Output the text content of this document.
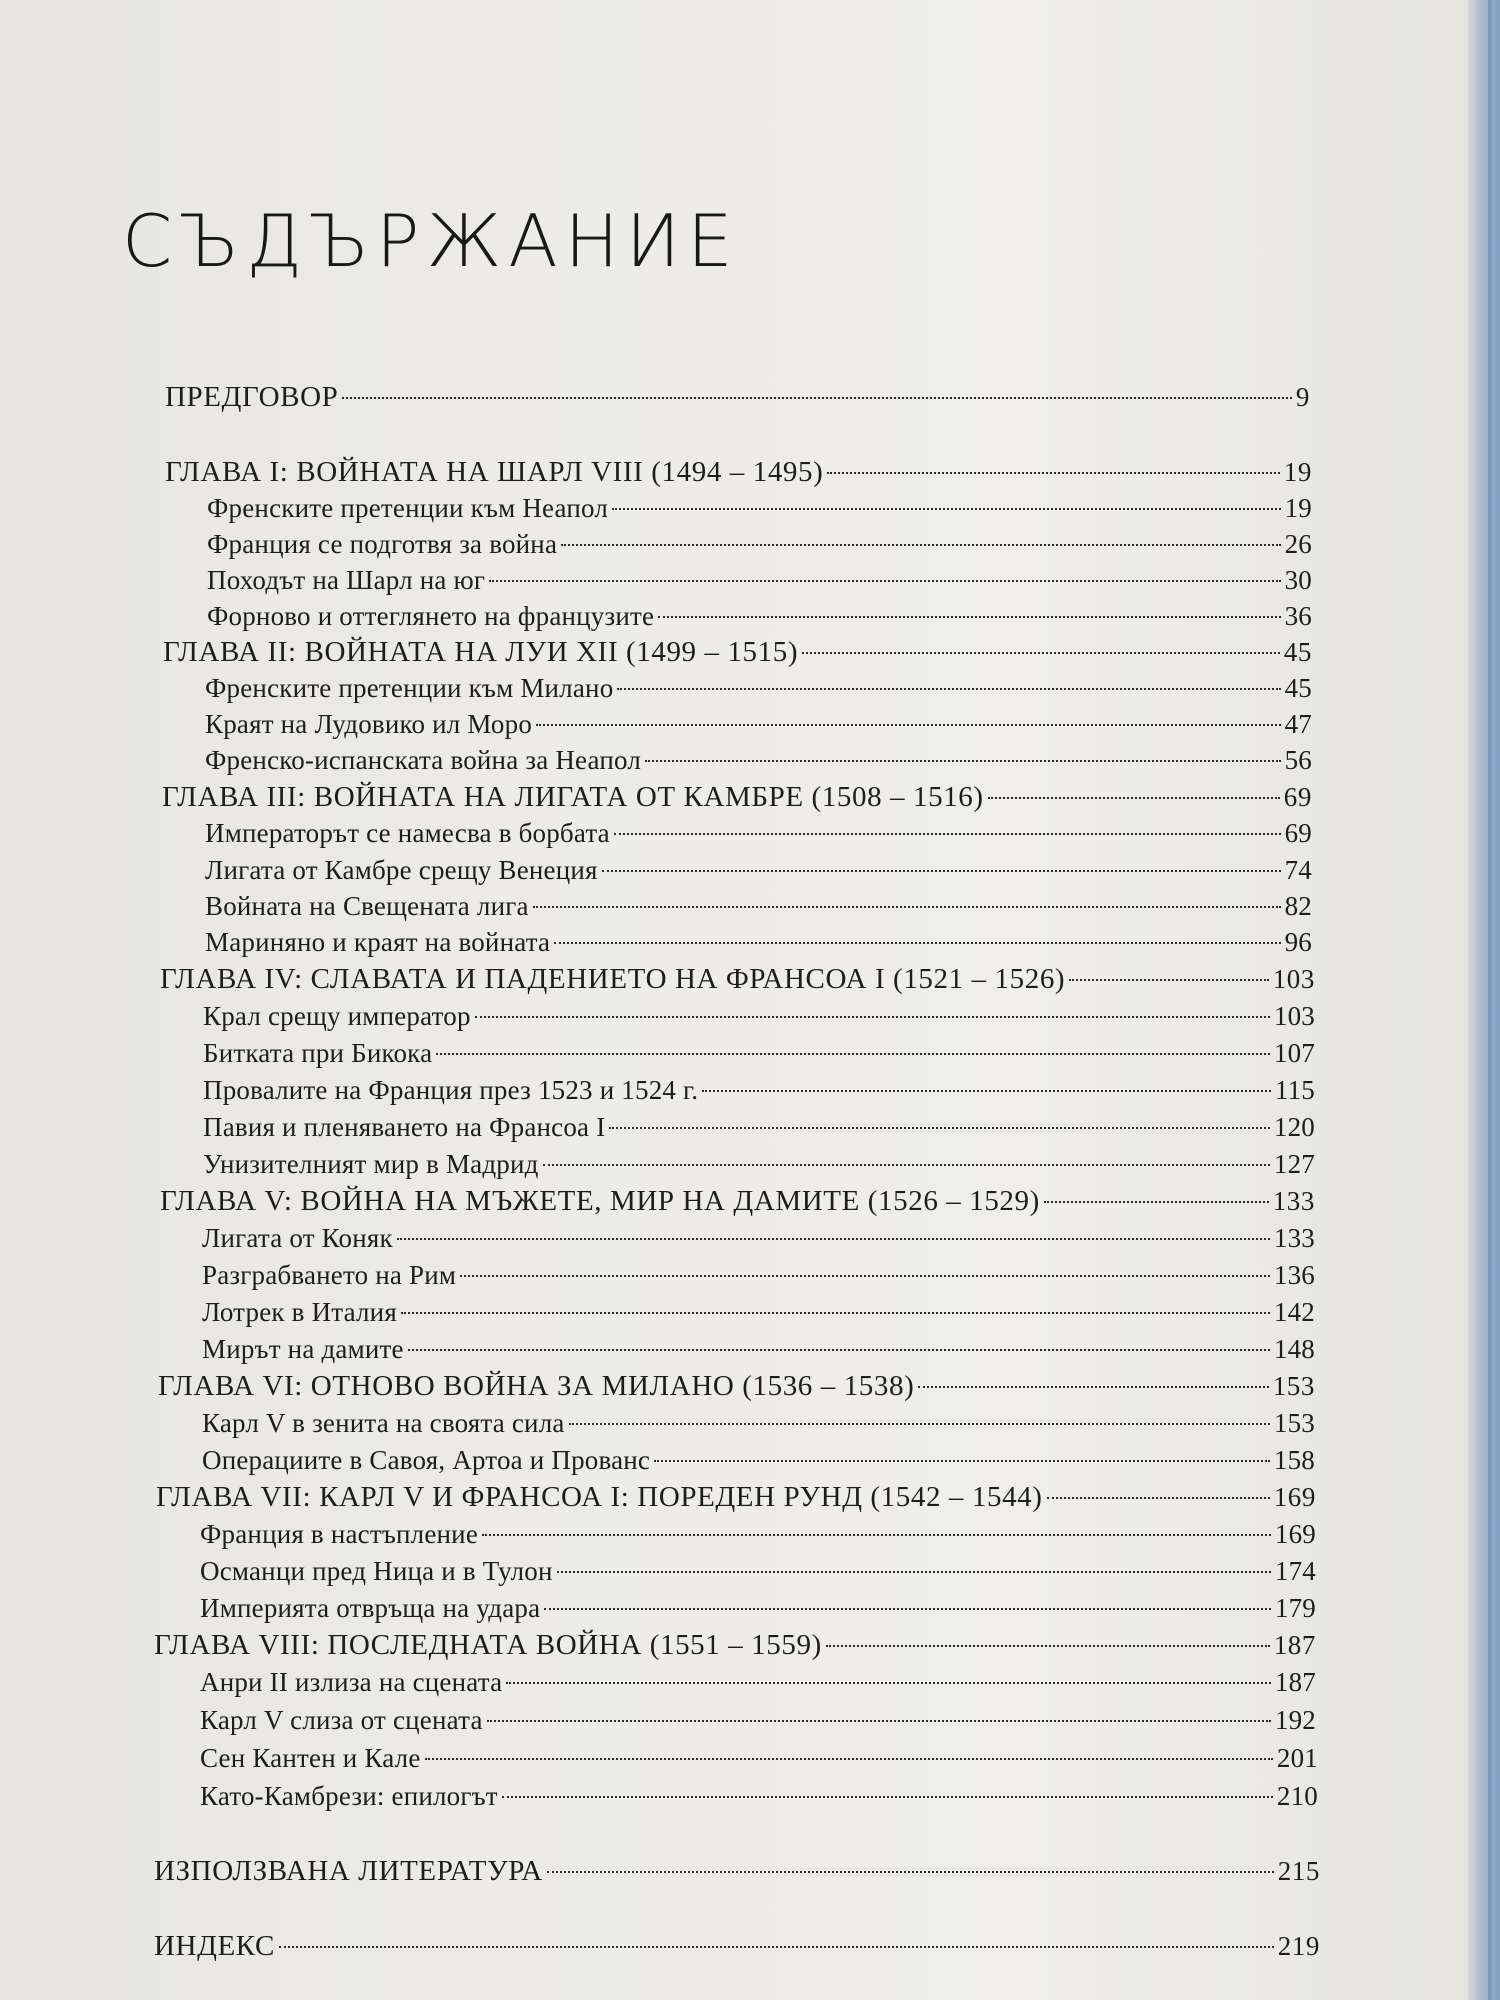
СЪДЪРЖАНИЕ
ПРЕДГОВОР	9
ГЛАВА I: ВОЙНАТА НА ШАРЛ VIII (1494 – 1495)	19
Френските претенции към Неапол	19
Франция се подготвя за война	26
Походът на Шарл на юг	30
Форново и оттеглянето на французите	36
ГЛАВА II: ВОЙНАТА НА ЛУИ XII (1499 – 1515)	45
Френските претенции към Милано	45
Краят на Лудовико ил Моро	47
Френско-испанската война за Неапол	56
ГЛАВА III: ВОЙНАТА НА ЛИГАТА ОТ КАМБРЕ (1508 – 1516)	69
Императорът се намесва в борбата	69
Лигата от Камбре срещу Венеция	74
Войната на Свещената лига	82
Мариняно и краят на войната	96
ГЛАВА IV: СЛАВАТА И ПАДЕНИЕТО НА ФРАНСОА I (1521 – 1526)	103
Крал срещу император	103
Битката при Бикока	107
Провалите на Франция през 1523 и 1524 г.	115
Павия и пленяването на Франсоа I	120
Унизителният мир в Мадрид	127
ГЛАВА V: ВОЙНА НА МЪЖЕТЕ, МИР НА ДАМИТЕ (1526 – 1529)	133
Лигата от Коняк	133
Разграбването на Рим	136
Лотрек в Италия	142
Мирът на дамите	148
ГЛАВА VI: ОТНОВО ВОЙНА ЗА МИЛАНО (1536 – 1538)	153
Карл V в зенита на своята сила	153
Операциите в Савоя, Артоа и Прованс	158
ГЛАВА VII: КАРЛ V И ФРАНСОА I: ПОРЕДЕН РУНД (1542 – 1544)	169
Франция в настъпление	169
Османци пред Ница и в Тулон	174
Империята отвръща на удара	179
ГЛАВА VIII: ПОСЛЕДНАТА ВОЙНА (1551 – 1559)	187
Анри II излиза на сцената	187
Карл V слиза от сцената	192
Сен Кантен и Кале	201
Като-Камбрези: епилогът	210
ИЗПОЛЗВАНА ЛИТЕРАТУРА	215
ИНДЕКС	219
